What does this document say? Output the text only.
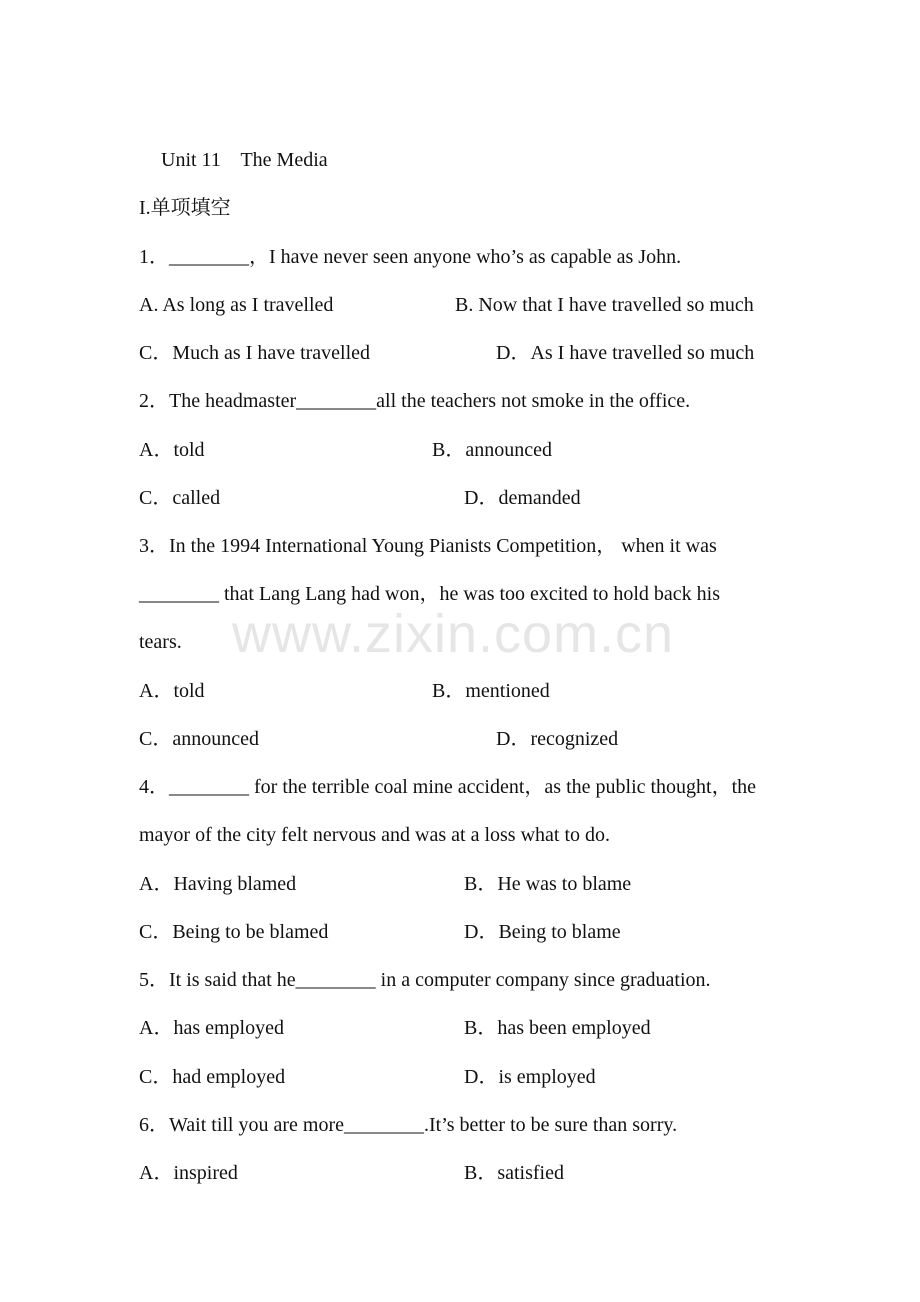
www.zixin.com.cn
Unit 11    The Media
I.单项填空
1．________，I have never seen anyone who’s as capable as John.
A. As long as I travelled	B. Now that I have travelled so much
C．Much as I have travelled	D．As I have travelled so much
2．The headmaster________all the teachers not smoke in the office.
A．told	B．announced
C．called	D．demanded
3．In the 1994 International Young Pianists Competition， when it was
________ that Lang Lang had won，he was too excited to hold back his
tears.
A．told	B．mentioned
C．announced	D．recognized
4．________ for the terrible coal mine accident，as the public thought，the
mayor of the city felt nervous and was at a loss what to do.
A．Having blamed	B．He was to blame
C．Being to be blamed	D．Being to blame
5．It is said that he________ in a computer company since graduation.
A．has employed	B．has been employed
C．had employed	D．is employed
6．Wait till you are more________.It’s better to be sure than sorry.
A．inspired	B．satisfied
